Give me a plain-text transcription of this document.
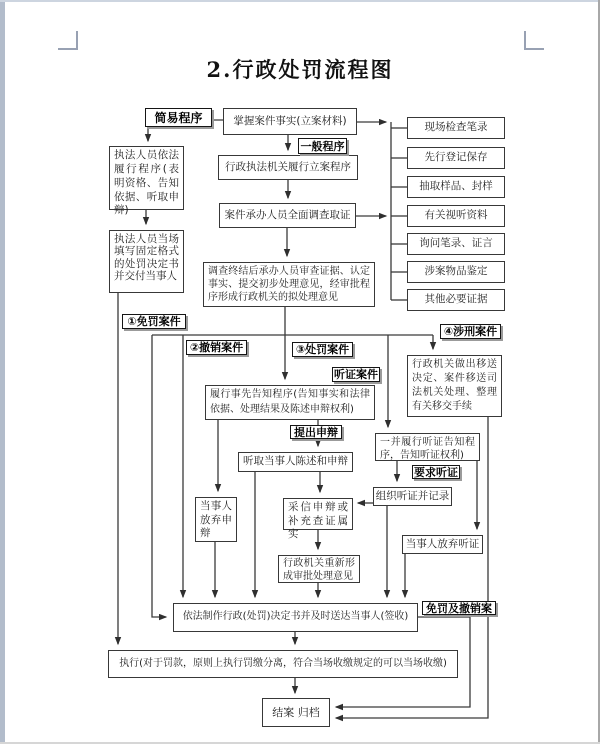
2.行政处罚流程图
掌握案件事实(立案材料)
行政执法机关履行立案程序
案件承办人员全面调查取证
调查终结后承办人员审查证据、认定事实、提交初步处理意见，经审批程序形成行政机关的拟处理意见
执法人员依法履行程序(表明资格、告知依据、听取申辩)
执法人员当场填写固定格式的处罚决定书并交付当事人
现场检查笔录
先行登记保存
抽取样品、封样
有关视听资料
询问笔录、证言
涉案物品鉴定
其他必要证据
履行事先告知程序(告知事实和法律依据、处理结果及陈述申辩权利)
听取当事人陈述和申辩
当事人放弃申辩
采信申辩或补充查证属实
行政机关重新形成审批处理意见
行政机关做出移送决定、案件移送司法机关处理、整理有关移交手续
一并履行听证告知程序，告知听证权利)
组织听证并记录
当事人放弃听证
依法制作行政(处罚)决定书并及时送达当事人(签收)
执行(对于罚款，原则上执行罚缴分离，符合当场收缴规定的可以当场收缴)
结案 归档
简易程序
一般程序
①免罚案件
②撤销案件	③处罚案件
④涉刑案件
听证案件
提出申辩
要求听证
免罚及撤销案
